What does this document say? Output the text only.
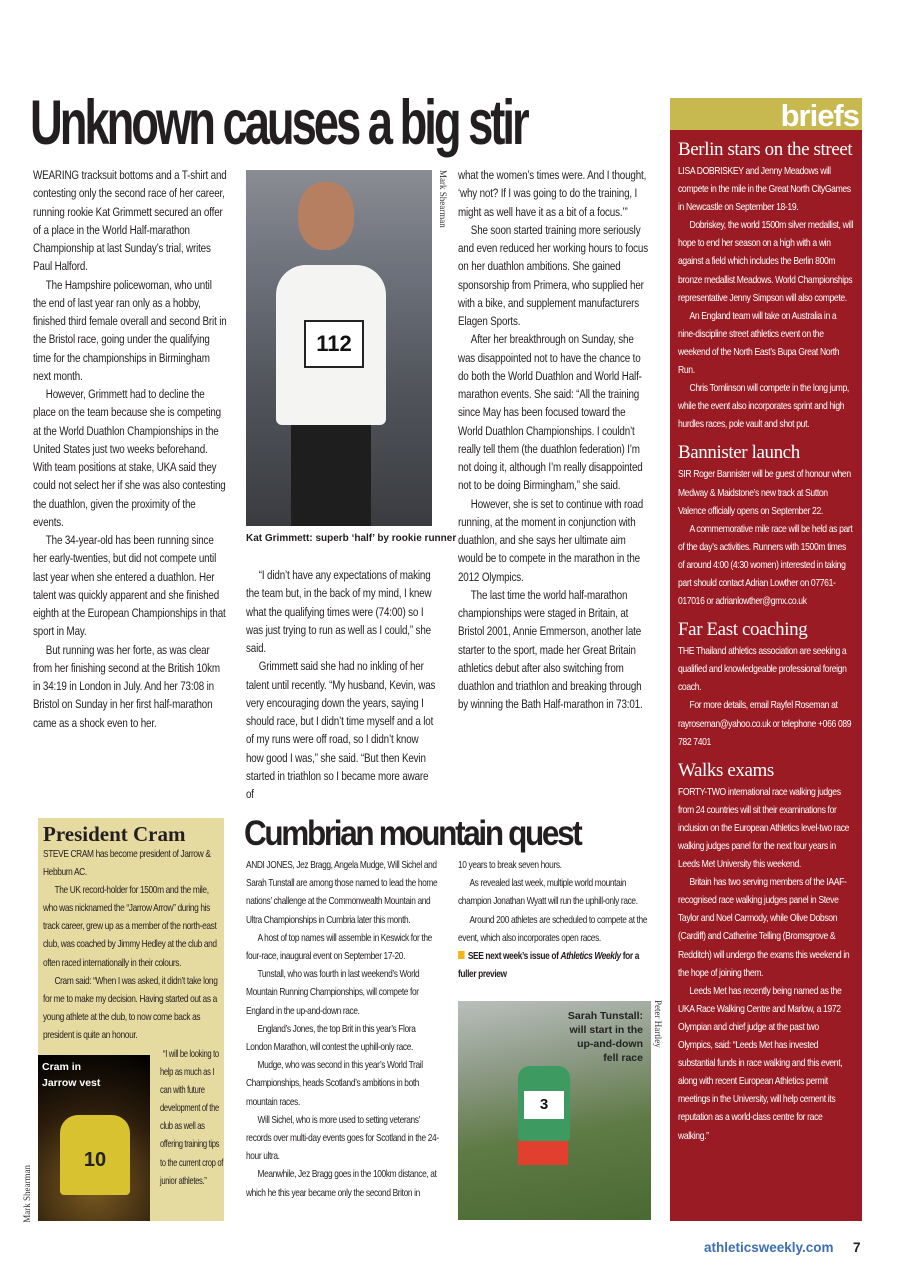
Unknown causes a big stir

WEARING tracksuit bottoms and a T-shirt and contesting only the second race of her career, running rookie Kat Grimmett secured an offer of a place in the World Half-marathon Championship at last Sunday’s trial, writes Paul Halford.

The Hampshire policewoman, who until the end of last year ran only as a hobby, finished third female overall and second Brit in the Bristol race, going under the qualifying time for the championships in Birmingham next month.

However, Grimmett had to decline the place on the team because she is competing at the World Duathlon Championships in the United States just two weeks beforehand. With team positions at stake, UKA said they could not select her if she was also contesting the duathlon, given the proximity of the events.

The 34-year-old has been running since her early-twenties, but did not compete until last year when she entered a duathlon. Her talent was quickly apparent and she finished eighth at the European Championships in that sport in May.

But running was her forte, as was clear from her finishing second at the British 10km in 34:19 in London in July. And her 73:08 in Bristol on Sunday in her first half-marathon came as a shock even to her.

112
Mark Shearman
Kat Grimmett: superb ‘half’ by rookie runner

“I didn’t have any expectations of making the team but, in the back of my mind, I knew what the qualifying times were (74:00) so I was just trying to run as well as I could,” she said.

Grimmett said she had no inkling of her talent until recently. “My husband, Kevin, was very encouraging down the years, saying I should race, but I didn’t time myself and a lot of my runs were off road, so I didn’t know how good I was,” she said. “But then Kevin started in triathlon so I became more aware of

what the women’s times were. And I thought, ‘why not? If I was going to do the training, I might as well have it as a bit of a focus.’”

She soon started training more seriously and even reduced her working hours to focus on her duathlon ambitions. She gained sponsorship from Primera, who supplied her with a bike, and supplement manufacturers Elagen Sports.

After her breakthrough on Sunday, she was disappointed not to have the chance to do both the World Duathlon and World Half-marathon events. She said: “All the training since May has been focused toward the World Duathlon Championships. I couldn’t really tell them (the duathlon federation) I’m not doing it, although I’m really disappointed not to be doing Birmingham,” she said.

However, she is set to continue with road running, at the moment in conjunction with duathlon, and she says her ultimate aim would be to compete in the marathon in the 2012 Olympics.

The last time the world half-marathon championships were staged in Britain, at Bristol 2001, Annie Emmerson, another late starter to the sport, made her Great Britain athletics debut after also switching from duathlon and triathlon and breaking through by winning the Bath Half-marathon in 73:01.

briefs
Berlin stars on the street

LISA DOBRISKEY and Jenny Meadows will compete in the mile in the Great North CityGames in Newcastle on September 18-19.

Dobriskey, the world 1500m silver medallist, will hope to end her season on a high with a win against a field which includes the Berlin 800m bronze medallist Meadows. World Championships representative Jenny Simpson will also compete.

An England team will take on Australia in a nine-discipline street athletics event on the weekend of the North East’s Bupa Great North Run.

Chris Tomlinson will compete in the long jump, while the event also incorporates sprint and high hurdles races, pole vault and shot put.

Bannister launch

SIR Roger Bannister will be guest of honour when Medway & Maidstone’s new track at Sutton Valence officially opens on September 22.

A commemorative mile race will be held as part of the day’s activities. Runners with 1500m times of around 4:00 (4:30 women) interested in taking part should contact Adrian Lowther on 07761-017016 or adrianlowther@gmx.co.uk

Far East coaching

THE Thailand athletics association are seeking a qualified and knowledgeable professional foreign coach.

For more details, email Rayfel Roseman at rayroseman@yahoo.co.uk or telephone +066 089 782 7401

Walks exams

FORTY-TWO international race walking judges from 24 countries will sit their examinations for inclusion on the European Athletics level-two race walking judges panel for the next four years in Leeds Met University this weekend.

Britain has two serving members of the IAAF-recognised race walking judges panel in Steve Taylor and Noel Carmody, while Olive Dobson (Cardiff) and Catherine Telling (Bromsgrove & Redditch) will undergo the exams this weekend in the hope of joining them.

Leeds Met has recently being named as the UKA Race Walking Centre and Marlow, a 1972 Olympian and chief judge at the past two Olympics, said: “Leeds Met has invested substantial funds in race walking and this event, along with recent European Athletics permit meetings in the University, will help cement its reputation as a world-class centre for race walking.”

President Cram

STEVE CRAM has become president of Jarrow & Hebburn AC.

The UK record-holder for 1500m and the mile, who was nicknamed the “Jarrow Arrow” during his track career, grew up as a member of the north-east club, was coached by Jimmy Hedley at the club and often raced internationally in their colours.

Cram said: “When I was asked, it didn’t take long for me to make my decision. Having started out as a young athlete at the club, to now come back as president is quite an honour.

10
Cram in Jarrow vest
Mark Shearman

“I will be looking to help as much as I can with future development of the club as well as offering training tips to the current crop of junior athletes.”

Cumbrian mountain quest

ANDI JONES, Jez Bragg, Angela Mudge, Will Sichel and Sarah Tunstall are among those named to lead the home nations’ challenge at the Commonwealth Mountain and Ultra Championships in Cumbria later this month.

A host of top names will assemble in Keswick for the four-race, inaugural event on September 17-20.

Tunstall, who was fourth in last weekend’s World Mountain Running Championships, will compete for England in the up-and-down race.

England’s Jones, the top Brit in this year’s Flora London Marathon, will contest the uphill-only race.

Mudge, who was second in this year’s World Trail Championships, heads Scotland’s ambitions in both mountain races.

Will Sichel, who is more used to setting veterans’ records over multi-day events goes for Scotland in the 24-hour ultra.

Meanwhile, Jez Bragg goes in the 100km distance, at which he this year became only the second Briton in

10 years to break seven hours.

As revealed last week, multiple world mountain champion Jonathan Wyatt will run the uphill-only race.

Around 200 athletes are scheduled to compete at the event, which also incorporates open races.

SEE next week’s issue of Athletics Weekly for a fuller preview

3
Sarah Tunstall: will start in the up-and-down fell race
Peter Hartley
athleticsweekly.com 7
